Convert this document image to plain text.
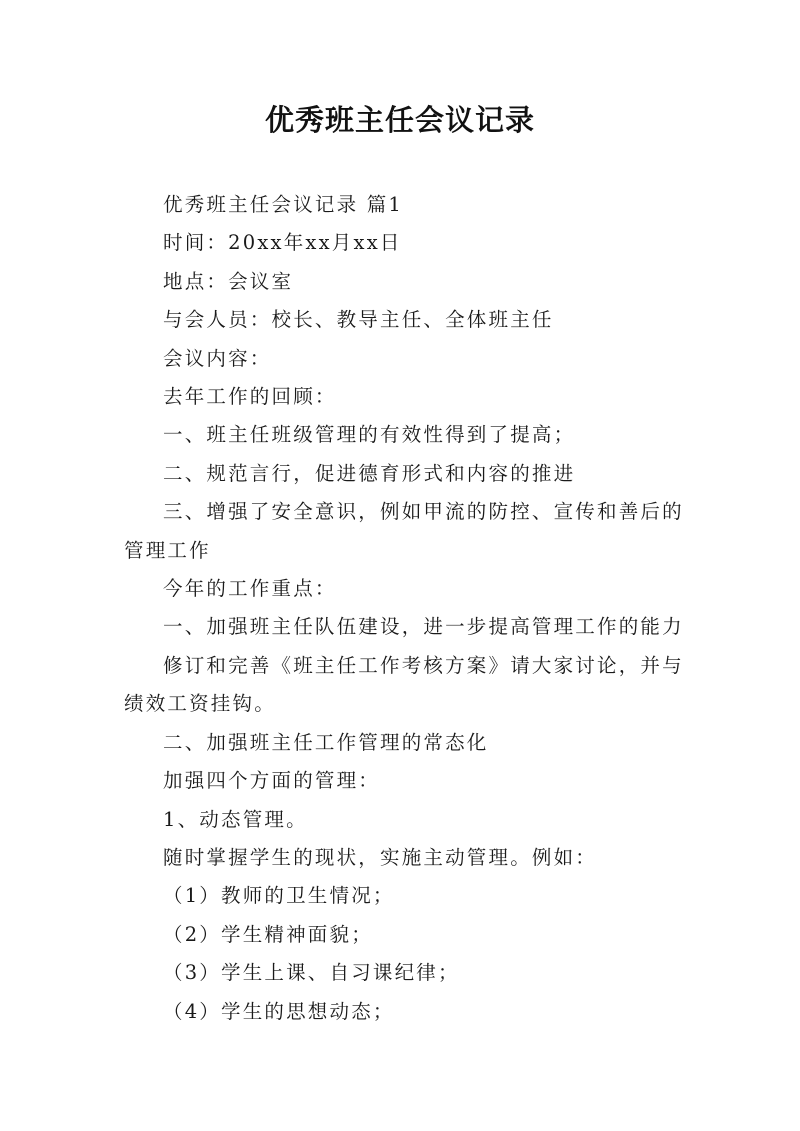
优秀班主任会议记录

优秀班主任会议记录 篇1

时间：20xx年xx月xx日

地点：会议室

与会人员：校长、教导主任、全体班主任

会议内容：

去年工作的回顾：

一、班主任班级管理的有效性得到了提高；

二、规范言行，促进德育形式和内容的推进

三、增强了安全意识，例如甲流的防控、宣传和善后的管理工作

今年的工作重点：

一、加强班主任队伍建设，进一步提高管理工作的能力

修订和完善《班主任工作考核方案》请大家讨论，并与绩效工资挂钩。

二、加强班主任工作管理的常态化

加强四个方面的管理：

1、动态管理。

随时掌握学生的现状，实施主动管理。例如：

（1）教师的卫生情况；

（2）学生精神面貌；

（3）学生上课、自习课纪律；

（4）学生的思想动态；
